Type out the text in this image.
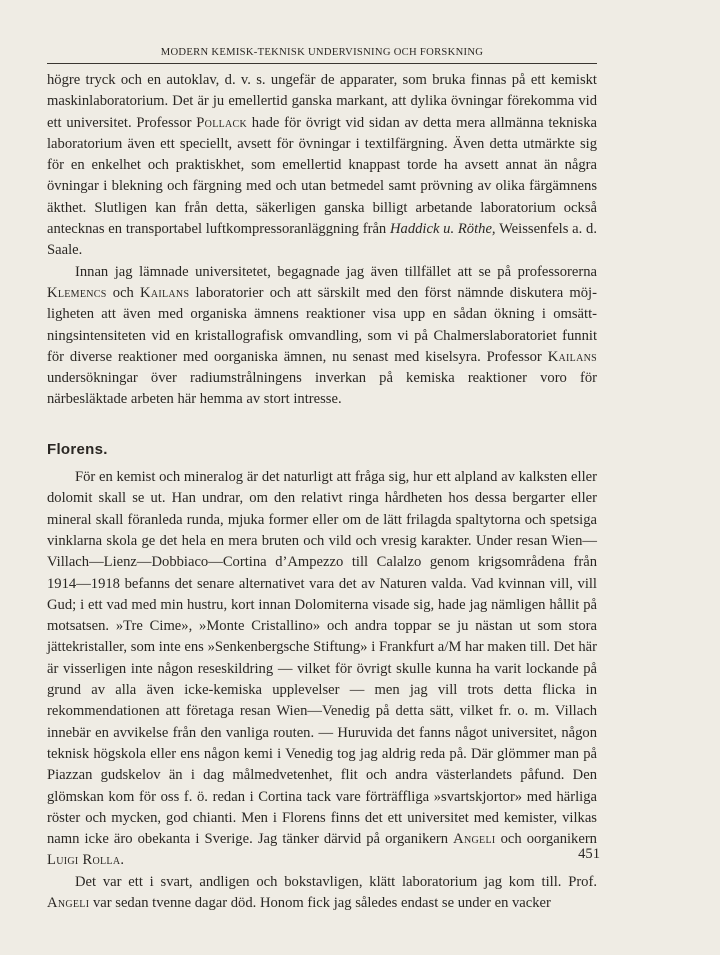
MODERN KEMISK-TEKNISK UNDERVISNING OCH FORSKNING

högre tryck och en autoklav, d. v. s. ungefär de apparater, som bruka finnas på ett kemiskt maskinlaboratorium. Det är ju emellertid ganska markant, att dylika övningar förekomma vid ett universitet. Professor Pollack hade för övrigt vid sidan av detta mera allmänna tekniska laboratorium även ett speciellt, avsett för övningar i textilfärgning. Även detta utmärkte sig för en enkelhet och praktiskhet, som emellertid knappast torde ha avsett annat än några övningar i blekning och färgning med och utan betmedel samt prövning av olika färgämnens äkthet. Slutligen kan från detta, säkerligen ganska billigt arbetande laboratorium också antecknas en transportabel luftkompressoranläggning från Haddick u. Röthe, Weissenfels a. d. Saale.

Innan jag lämnade universitetet, begagnade jag även tillfället att se på professorerna Klemencs och Kailans laboratorier och att särskilt med den först nämnde diskutera möjligheten att även med organiska ämnens reaktioner visa upp en sådan ökning i omsättningsintensiteten vid en kristallografisk omvandling, som vi på Chalmerslaboratoriet funnit för diverse reaktioner med oorganiska ämnen, nu senast med kiselsyra. Professor Kailans undersökningar över radiumstrålningens inverkan på kemiska reaktioner voro för närbesläktade arbeten här hemma av stort intresse.

Florens.

För en kemist och mineralog är det naturligt att fråga sig, hur ett alpland av kalksten eller dolomit skall se ut. Han undrar, om den relativt ringa hårdheten hos dessa bergarter eller mineral skall föranleda runda, mjuka former eller om de lätt frilagda spaltytorna och spetsiga vinklarna skola ge det hela en mera bruten och vild och vresig karakter. Under resan Wien—Villach—Lienz—Dobbiaco—Cortina d’Ampezzo till Calalzo genom krigsområdena från 1914—1918 befanns det senare alternativet vara det av Naturen valda. Vad kvinnan vill, vill Gud; i ett vad med min hustru, kort innan Dolomiterna visade sig, hade jag nämligen hållit på motsatsen. »Tre Cime», »Monte Cristallino» och andra toppar se ju nästan ut som stora jättekristaller, som inte ens »Senkenbergsche Stiftung» i Frankfurt a/M har maken till. Det här är visserligen inte någon reseskildring — vilket för övrigt skulle kunna ha varit lockande på grund av alla även icke-kemiska upplevelser — men jag vill trots detta flicka in rekommendationen att företaga resan Wien—Venedig på detta sätt, vilket fr. o. m. Villach innebär en avvikelse från den vanliga routen. — Huruvida det fanns något universitet, någon teknisk högskola eller ens någon kemi i Venedig tog jag aldrig reda på. Där glömmer man på Piazzan gudskelov än i dag målmedvetenhet, flit och andra västerlandets påfund. Den glömskan kom för oss f. ö. redan i Cortina tack vare förträffliga »svartskjortor» med härliga röster och mycken, god chianti. Men i Florens finns det ett universitet med kemister, vilkas namn icke äro obekanta i Sverige. Jag tänker därvid på organikern Angeli och oorganikern Luigi Rolla.

Det var ett i svart, andligen och bokstavligen, klätt laboratorium jag kom till. Prof. Angeli var sedan tvenne dagar död. Honom fick jag således endast se under en vacker

451
